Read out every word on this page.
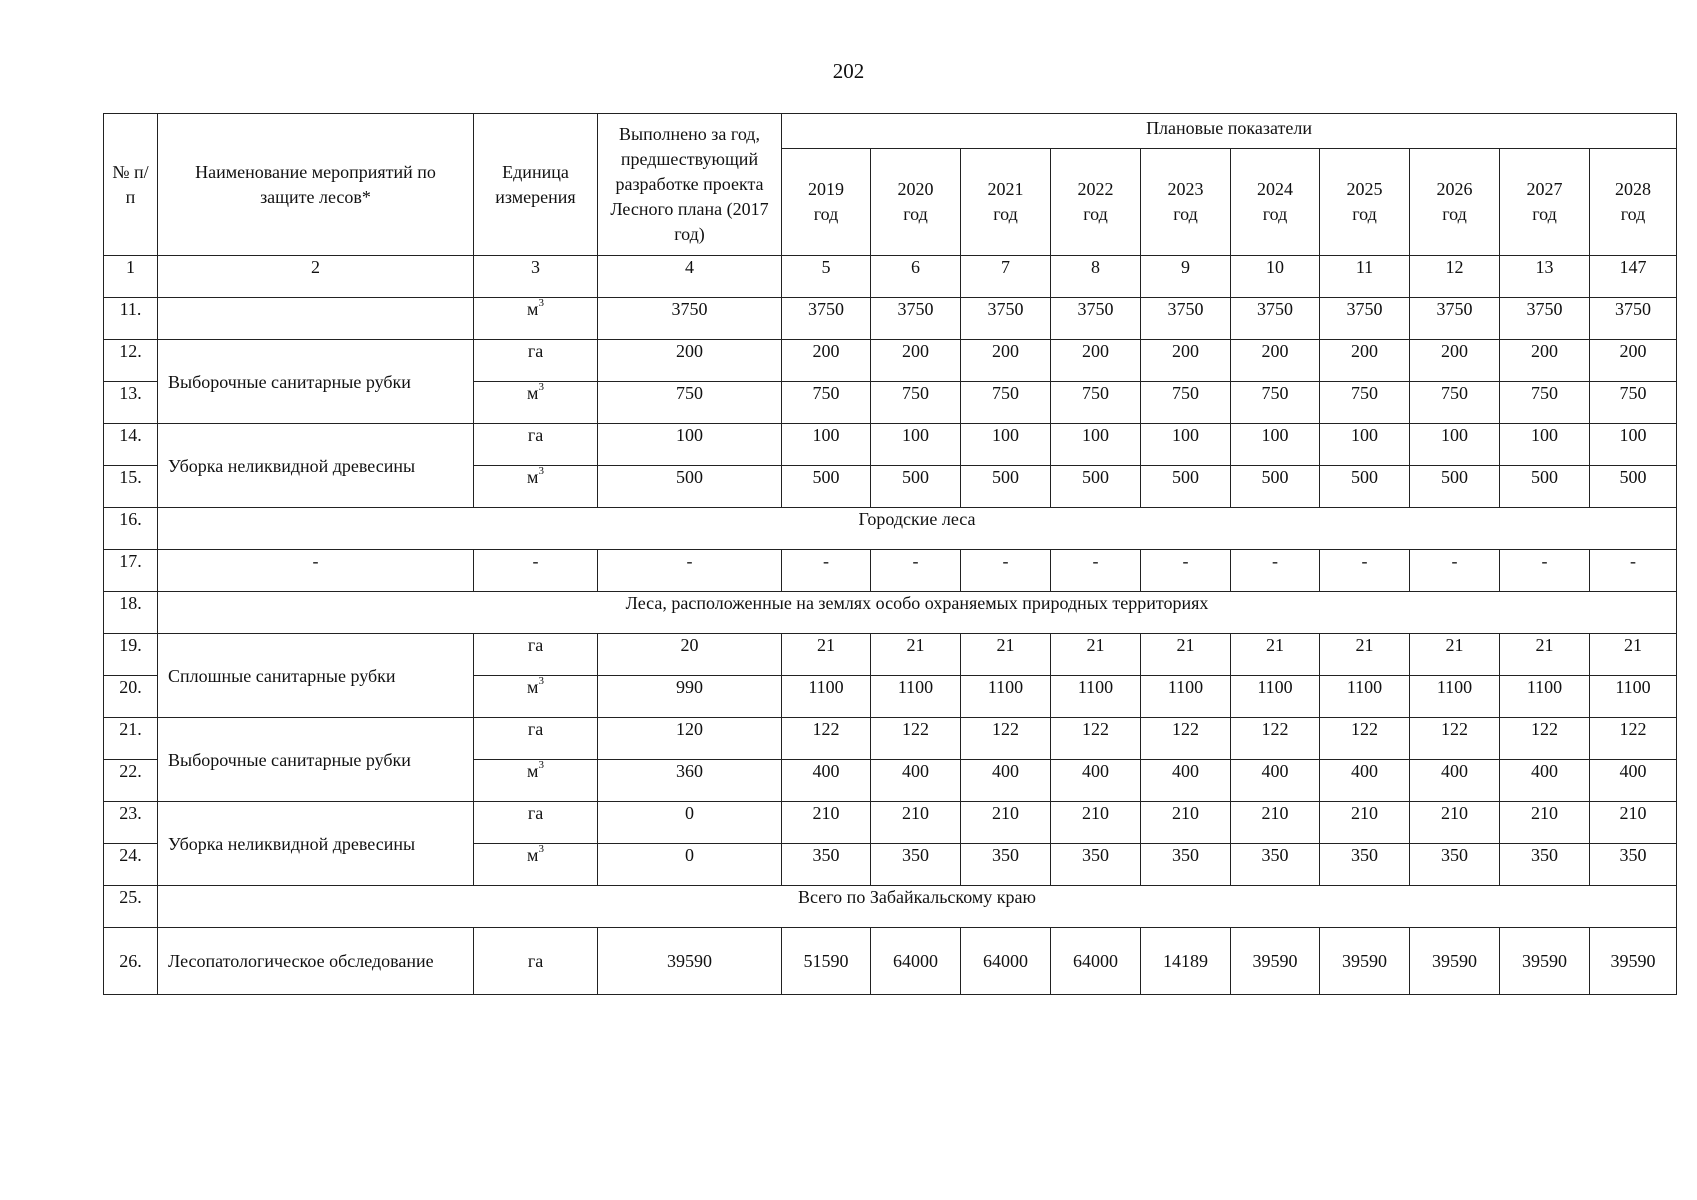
202
№ п/п	Наименование мероприятий по защите лесов*	Единица измерения	Выполнено за год, предшествующий разработке проекта Лесного плана (2017 год)	Плановые показатели									
				2019 год	2020 год	2021 год	2022 год	2023 год	2024 год	2025 год	2026 год	2027 год	2028 год
1	2	3	4	5	6	7	8	9	10	11	12	13	147
11.		$м^3$	3750	3750	3750	3750	3750	3750	3750	3750	3750	3750	3750
12.	Выборочные санитарные рубки	га	200	200	200	200	200	200	200	200	200	200	200
13.		$м^3$	750	750	750	750	750	750	750	750	750	750	750
14.	Уборка неликвидной древесины	га	100	100	100	100	100	100	100	100	100	100	100
15.		$м^3$	500	500	500	500	500	500	500	500	500	500	500
16.	Городские леса												
17.	-	-	-	-	-	-	-	-	-	-	-	-	-
18.	Леса, расположенные на землях особо охраняемых природных территориях												
19.	Сплошные санитарные рубки	га	20	21	21	21	21	21	21	21	21	21	21
20.		$м^3$	990	1100	1100	1100	1100	1100	1100	1100	1100	1100	1100
21.	Выборочные санитарные рубки	га	120	122	122	122	122	122	122	122	122	122	122
22.		$м^3$	360	400	400	400	400	400	400	400	400	400	400
23.	Уборка неликвидной древесины	га	0	210	210	210	210	210	210	210	210	210	210
24.		$м^3$	0	350	350	350	350	350	350	350	350	350	350
25.	Всего по Забайкальскому краю												
26.	Лесопатологическое обследование	га	39590	51590	64000	64000	64000	14189	39590	39590	39590	39590	39590
